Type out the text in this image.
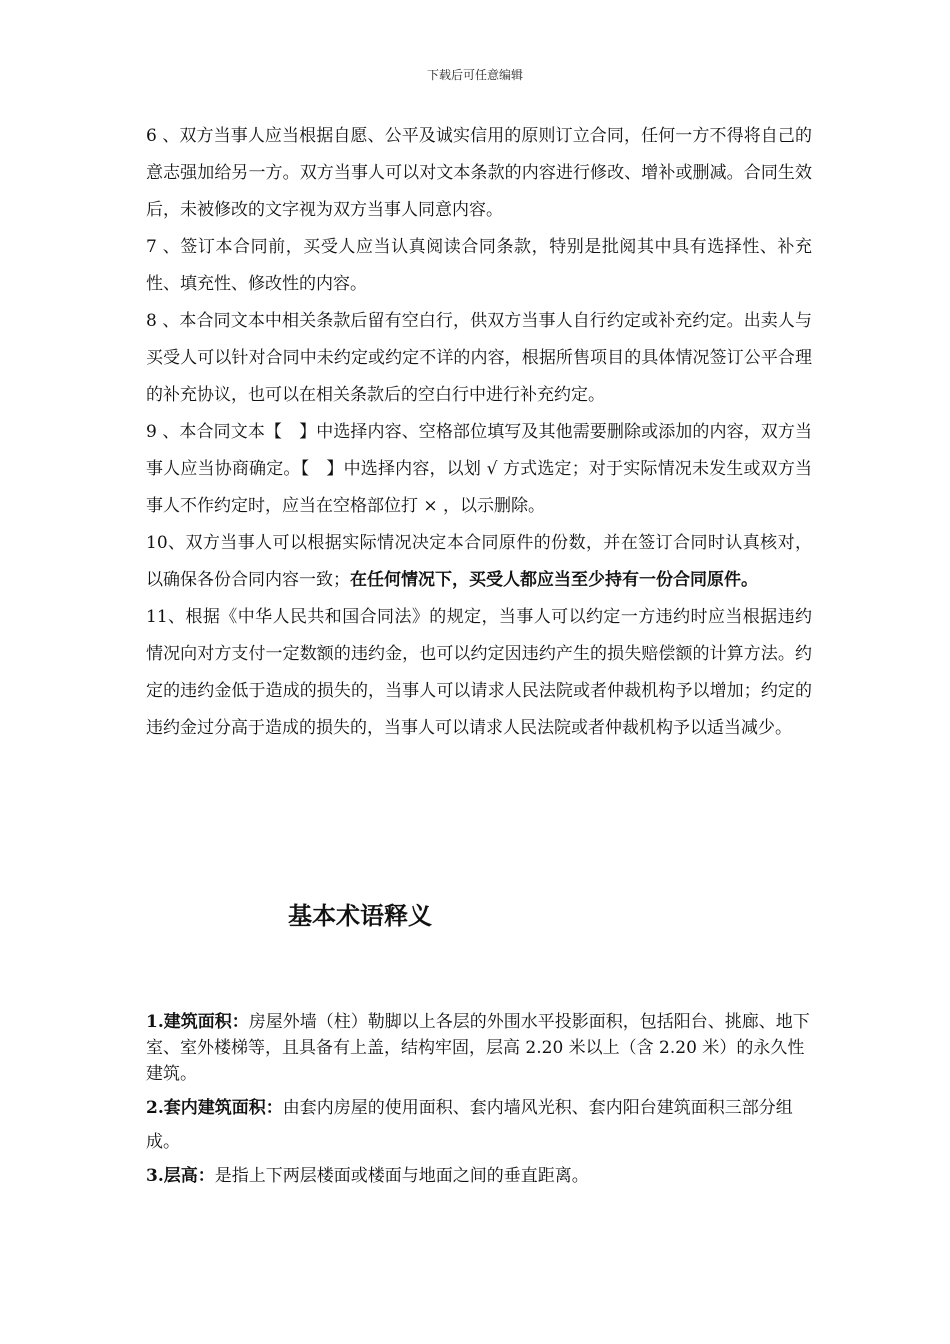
下载后可任意编辑

6 、双方当事人应当根据自愿、公平及诚实信用的原则订立合同，任何一方不得将自己的意志强加给另一方。双方当事人可以对文本条款的内容进行修改、增补或删减。合同生效后，未被修改的文字视为双方当事人同意内容。

7 、签订本合同前，买受人应当认真阅读合同条款，特别是批阅其中具有选择性、补充性、填充性、修改性的内容。

8 、本合同文本中相关条款后留有空白行，供双方当事人自行约定或补充约定。出卖人与买受人可以针对合同中未约定或约定不详的内容，根据所售项目的具体情况签订公平合理的补充协议，也可以在相关条款后的空白行中进行补充约定。

9 、本合同文本【　】中选择内容、空格部位填写及其他需要删除或添加的内容，双方当事人应当协商确定。【　】中选择内容，以划 √ 方式选定；对于实际情况未发生或双方当事人不作约定时，应当在空格部位打 × ，以示删除。

10、双方当事人可以根据实际情况决定本合同原件的份数，并在签订合同时认真核对，以确保各份合同内容一致；在任何情况下，买受人都应当至少持有一份合同原件。

11、根据《中华人民共和国合同法》的规定，当事人可以约定一方违约时应当根据违约情况向对方支付一定数额的违约金，也可以约定因违约产生的损失赔偿额的计算方法。约定的违约金低于造成的损失的，当事人可以请求人民法院或者仲裁机构予以增加；约定的违约金过分高于造成的损失的，当事人可以请求人民法院或者仲裁机构予以适当减少。

基本术语释义

1.建筑面积：房屋外墙（柱）勒脚以上各层的外围水平投影面积，包括阳台、挑廊、地下室、室外楼梯等，且具备有上盖，结构牢固，层高 2.20 米以上（含 2.20 米）的永久性建筑。

2.套内建筑面积：由套内房屋的使用面积、套内墙风光积、套内阳台建筑面积三部分组成。

3.层高：是指上下两层楼面或楼面与地面之间的垂直距离。
